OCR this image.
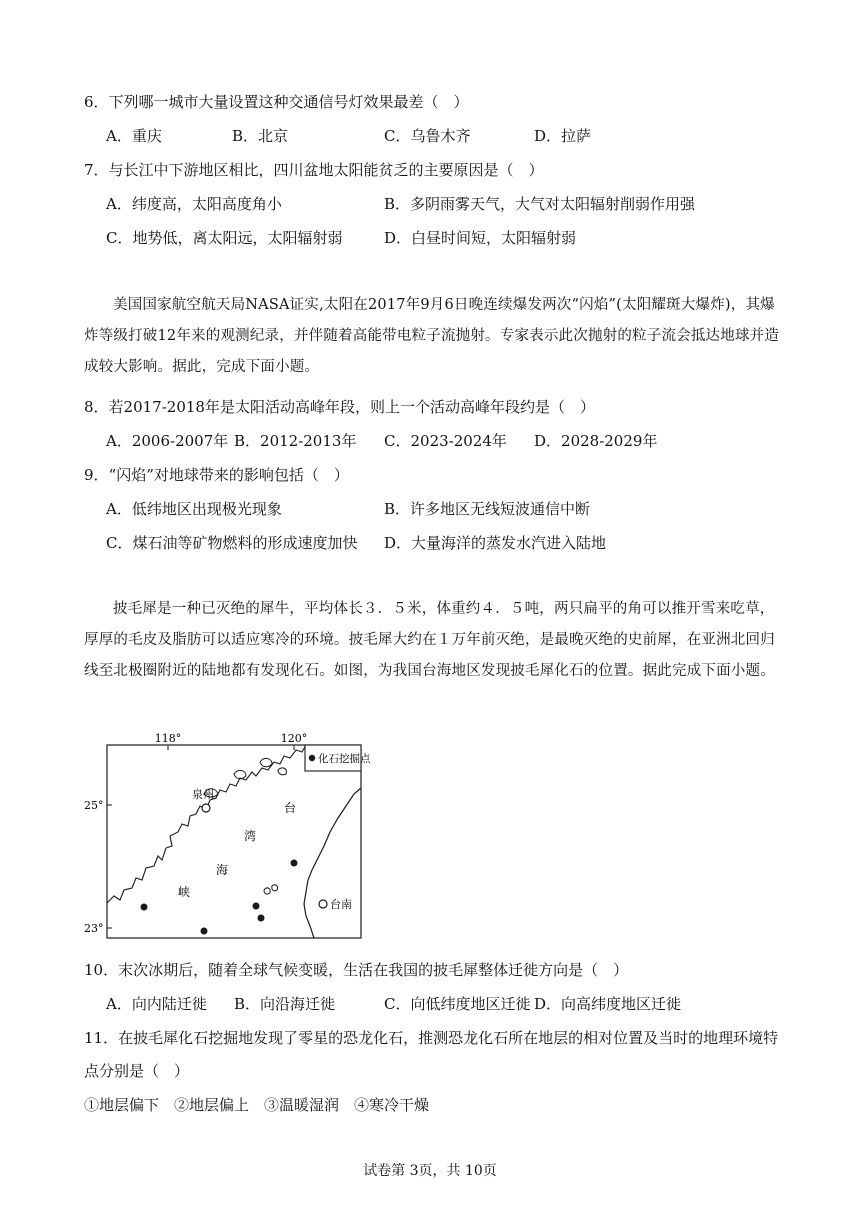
6．下列哪一城市大量设置这种交通信号灯效果最差（　）
A．重庆	B．北京	C．乌鲁木齐	D．拉萨
7．与长江中下游地区相比，四川盆地太阳能贫乏的主要原因是（　）
A．纬度高，太阳高度角小	B．多阴雨雾天气，大气对太阳辐射削弱作用强
C．地势低，离太阳远，太阳辐射弱	D．白昼时间短，太阳辐射弱
美国国家航空航天局NASA证实,太阳在2017年9月6日晚连续爆发两次“闪焰”(太阳耀斑大爆炸)，其爆炸等级打破12年来的观测纪录，并伴随着高能带电粒子流抛射。专家表示此次抛射的粒子流会抵达地球并造成较大影响。据此，完成下面小题。
8．若2017-2018年是太阳活动高峰年段，则上一个活动高峰年段约是（　）
A．2006-2007年 B．2012-2013年 C．2023-2024年 D．2028-2029年
9．“闪焰”对地球带来的影响包括（　）
A．低纬地区出现极光现象	B．许多地区无线短波通信中断
C．煤石油等矿物燃料的形成速度加快 D．大量海洋的蒸发水汽进入陆地
披毛犀是一种已灭绝的犀牛，平均体长３．５米，体重约４．５吨，两只扁平的角可以推开雪来吃草，厚厚的毛皮及脂肪可以适应寒冷的环境。披毛犀大约在１万年前灭绝，是最晚灭绝的史前犀，在亚洲北回归线至北极圈附近的陆地都有发现化石。如图，为我国台海地区发现披毛犀化石的位置。据此完成下面小题。
118°	120°
25°
23°
台
湾
海
峡
泉州
台南
化石挖掘点
10．末次冰期后，随着全球气候变暖，生活在我国的披毛犀整体迁徙方向是（　）
A．向内陆迁徙 B．向沿海迁徙	C．向低纬度地区迁徙 D．向高纬度地区迁徙
11．在披毛犀化石挖掘地发现了零星的恐龙化石，推测恐龙化石所在地层的相对位置及当时的地理环境特
点分别是（　）
①地层偏下　②地层偏上　③温暖湿润　④寒冷干燥
试卷第 3页，共 10页
